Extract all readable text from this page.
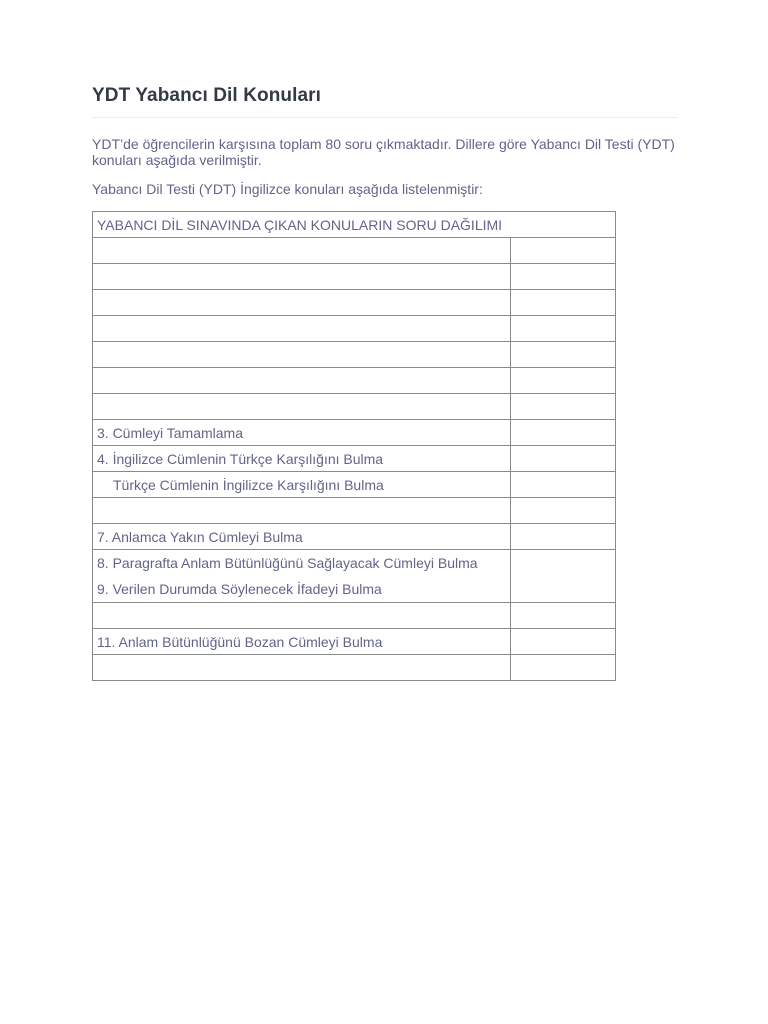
YDT Yabancı Dil Konuları

YDT’de öğrencilerin karşısına toplam 80 soru çıkmaktadır. Dillere göre Yabancı Dil Testi (YDT) konuları aşağıda verilmiştir.

Yabancı Dil Testi (YDT) İngilizce konuları aşağıda listelenmiştir:

YABANCI DİL SINAVINDA ÇIKAN KONULARIN SORU DAĞILIMI	

3. Cümleyi Tamamlama	
4. İngilizce Cümlenin Türkçe Karşılığını Bulma	
Türkçe Cümlenin İngilizce Karşılığını Bulma	

7. Anlamca Yakın Cümleyi Bulma	

8. Paragrafta Anlam Bütünlüğünü Sağlayacak Cümleyi Bulma
9. Verilen Durumda Söylenecek İfadeyi Bulma	

11. Anlam Bütünlüğünü Bozan Cümleyi Bulma	
